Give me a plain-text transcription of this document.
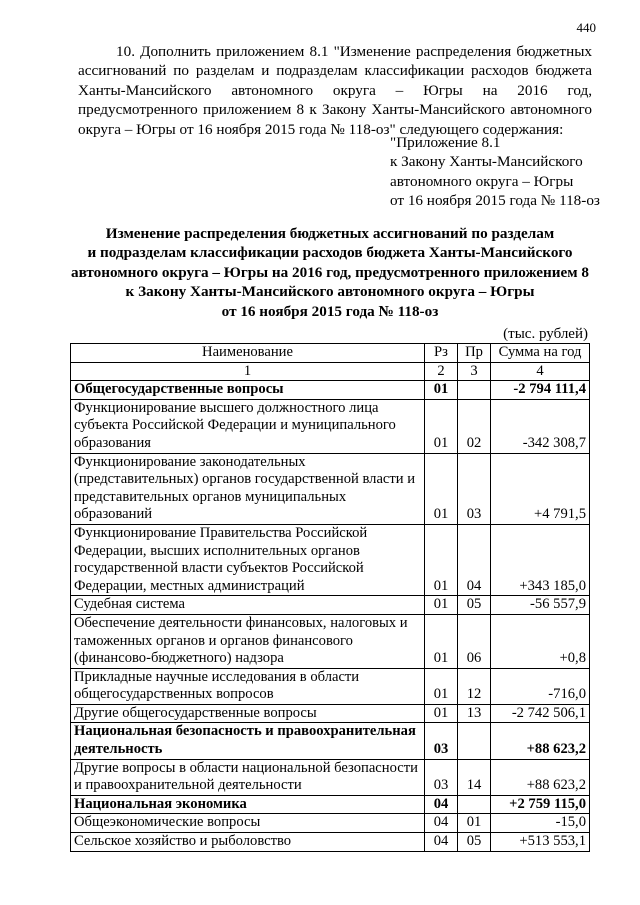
440

10. Дополнить приложением 8.1 "Изменение распределения бюджетных ассигнований по разделам и подразделам классификации расходов бюджета Ханты-Мансийского автономного округа – Югры на 2016 год, предусмотренного приложением 8 к Закону Ханты-Мансийского автономного округа – Югры от 16 ноября 2015 года № 118-оз" следующего содержания:

"Приложение 8.1
к Закону Ханты-Мансийского
автономного округа – Югры
от 16 ноября 2015 года № 118-оз
Изменение распределения бюджетных ассигнований по разделам
и подразделам классификации расходов бюджета Ханты-Мансийского
автономного округа – Югры на 2016 год, предусмотренного приложением 8
к Закону Ханты-Мансийского автономного округа – Югры
от 16 ноября 2015 года № 118-оз
(тыс. рублей)
Наименование	Рз	Пр	Сумма на год
1	2	3	4
Общегосударственные вопросы	01		-2 794 111,4
Функционирование высшего должностного лица субъекта Российской Федерации и муниципального образования	01	02	-342 308,7
Функционирование законодательных (представительных) органов государственной власти и представительных органов муниципальных образований	01	03	+4 791,5
Функционирование Правительства Российской Федерации, высших исполнительных органов государственной власти субъектов Российской Федерации, местных администраций	01	04	+343 185,0
Судебная система	01	05	-56 557,9
Обеспечение деятельности финансовых, налоговых и таможенных органов и органов финансового (финансово-бюджетного) надзора	01	06	+0,8
Прикладные научные исследования в области общегосударственных вопросов	01	12	-716,0
Другие общегосударственные вопросы	01	13	-2 742 506,1
Национальная безопасность и правоохранительная деятельность	03		+88 623,2
Другие вопросы в области национальной безопасности и правоохранительной деятельности	03	14	+88 623,2
Национальная экономика	04		+2 759 115,0
Общеэкономические вопросы	04	01	-15,0
Сельское хозяйство и рыболовство	04	05	+513 553,1
